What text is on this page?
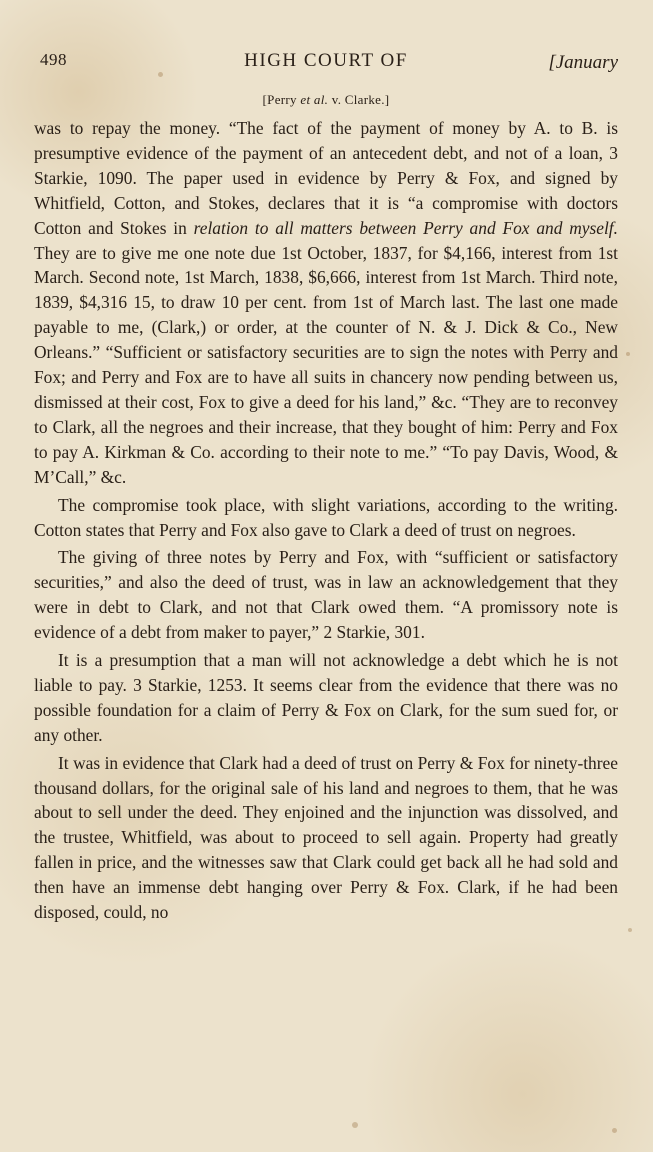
498	HIGH COURT OF	[January
[Perry et al. v. Clarke.]

was to repay the money. “The fact of the payment of money by A. to B. is presumptive evidence of the payment of an antecedent debt, and not of a loan, 3 Starkie, 1090. The paper used in evidence by Perry & Fox, and signed by Whitfield, Cotton, and Stokes, declares that it is “a compromise with doctors Cotton and Stokes in relation to all matters between Perry and Fox and myself. They are to give me one note due 1st October, 1837, for $4,166, interest from 1st March. Second note, 1st March, 1838, $6,666, interest from 1st March. Third note, 1839, $4,316 15, to draw 10 per cent. from 1st of March last. The last one made payable to me, (Clark,) or order, at the counter of N. & J. Dick & Co., New Orleans.” “Sufficient or satisfactory securities are to sign the notes with Perry and Fox; and Perry and Fox are to have all suits in chancery now pending between us, dismissed at their cost, Fox to give a deed for his land,” &c. “They are to reconvey to Clark, all the negroes and their increase, that they bought of him: Perry and Fox to pay A. Kirkman & Co. according to their note to me.” “To pay Davis, Wood, & M’Call,” &c.

The compromise took place, with slight variations, according to the writing. Cotton states that Perry and Fox also gave to Clark a deed of trust on negroes.

The giving of three notes by Perry and Fox, with “sufficient or satisfactory securities,” and also the deed of trust, was in law an acknowledgement that they were in debt to Clark, and not that Clark owed them. “A promissory note is evidence of a debt from maker to payer,” 2 Starkie, 301.

It is a presumption that a man will not acknowledge a debt which he is not liable to pay. 3 Starkie, 1253. It seems clear from the evidence that there was no possible foundation for a claim of Perry & Fox on Clark, for the sum sued for, or any other.

It was in evidence that Clark had a deed of trust on Perry & Fox for ninety-three thousand dollars, for the original sale of his land and negroes to them, that he was about to sell under the deed. They enjoined and the injunction was dissolved, and the trustee, Whitfield, was about to proceed to sell again. Property had greatly fallen in price, and the witnesses saw that Clark could get back all he had sold and then have an immense debt hanging over Perry & Fox. Clark, if he had been disposed, could, no
